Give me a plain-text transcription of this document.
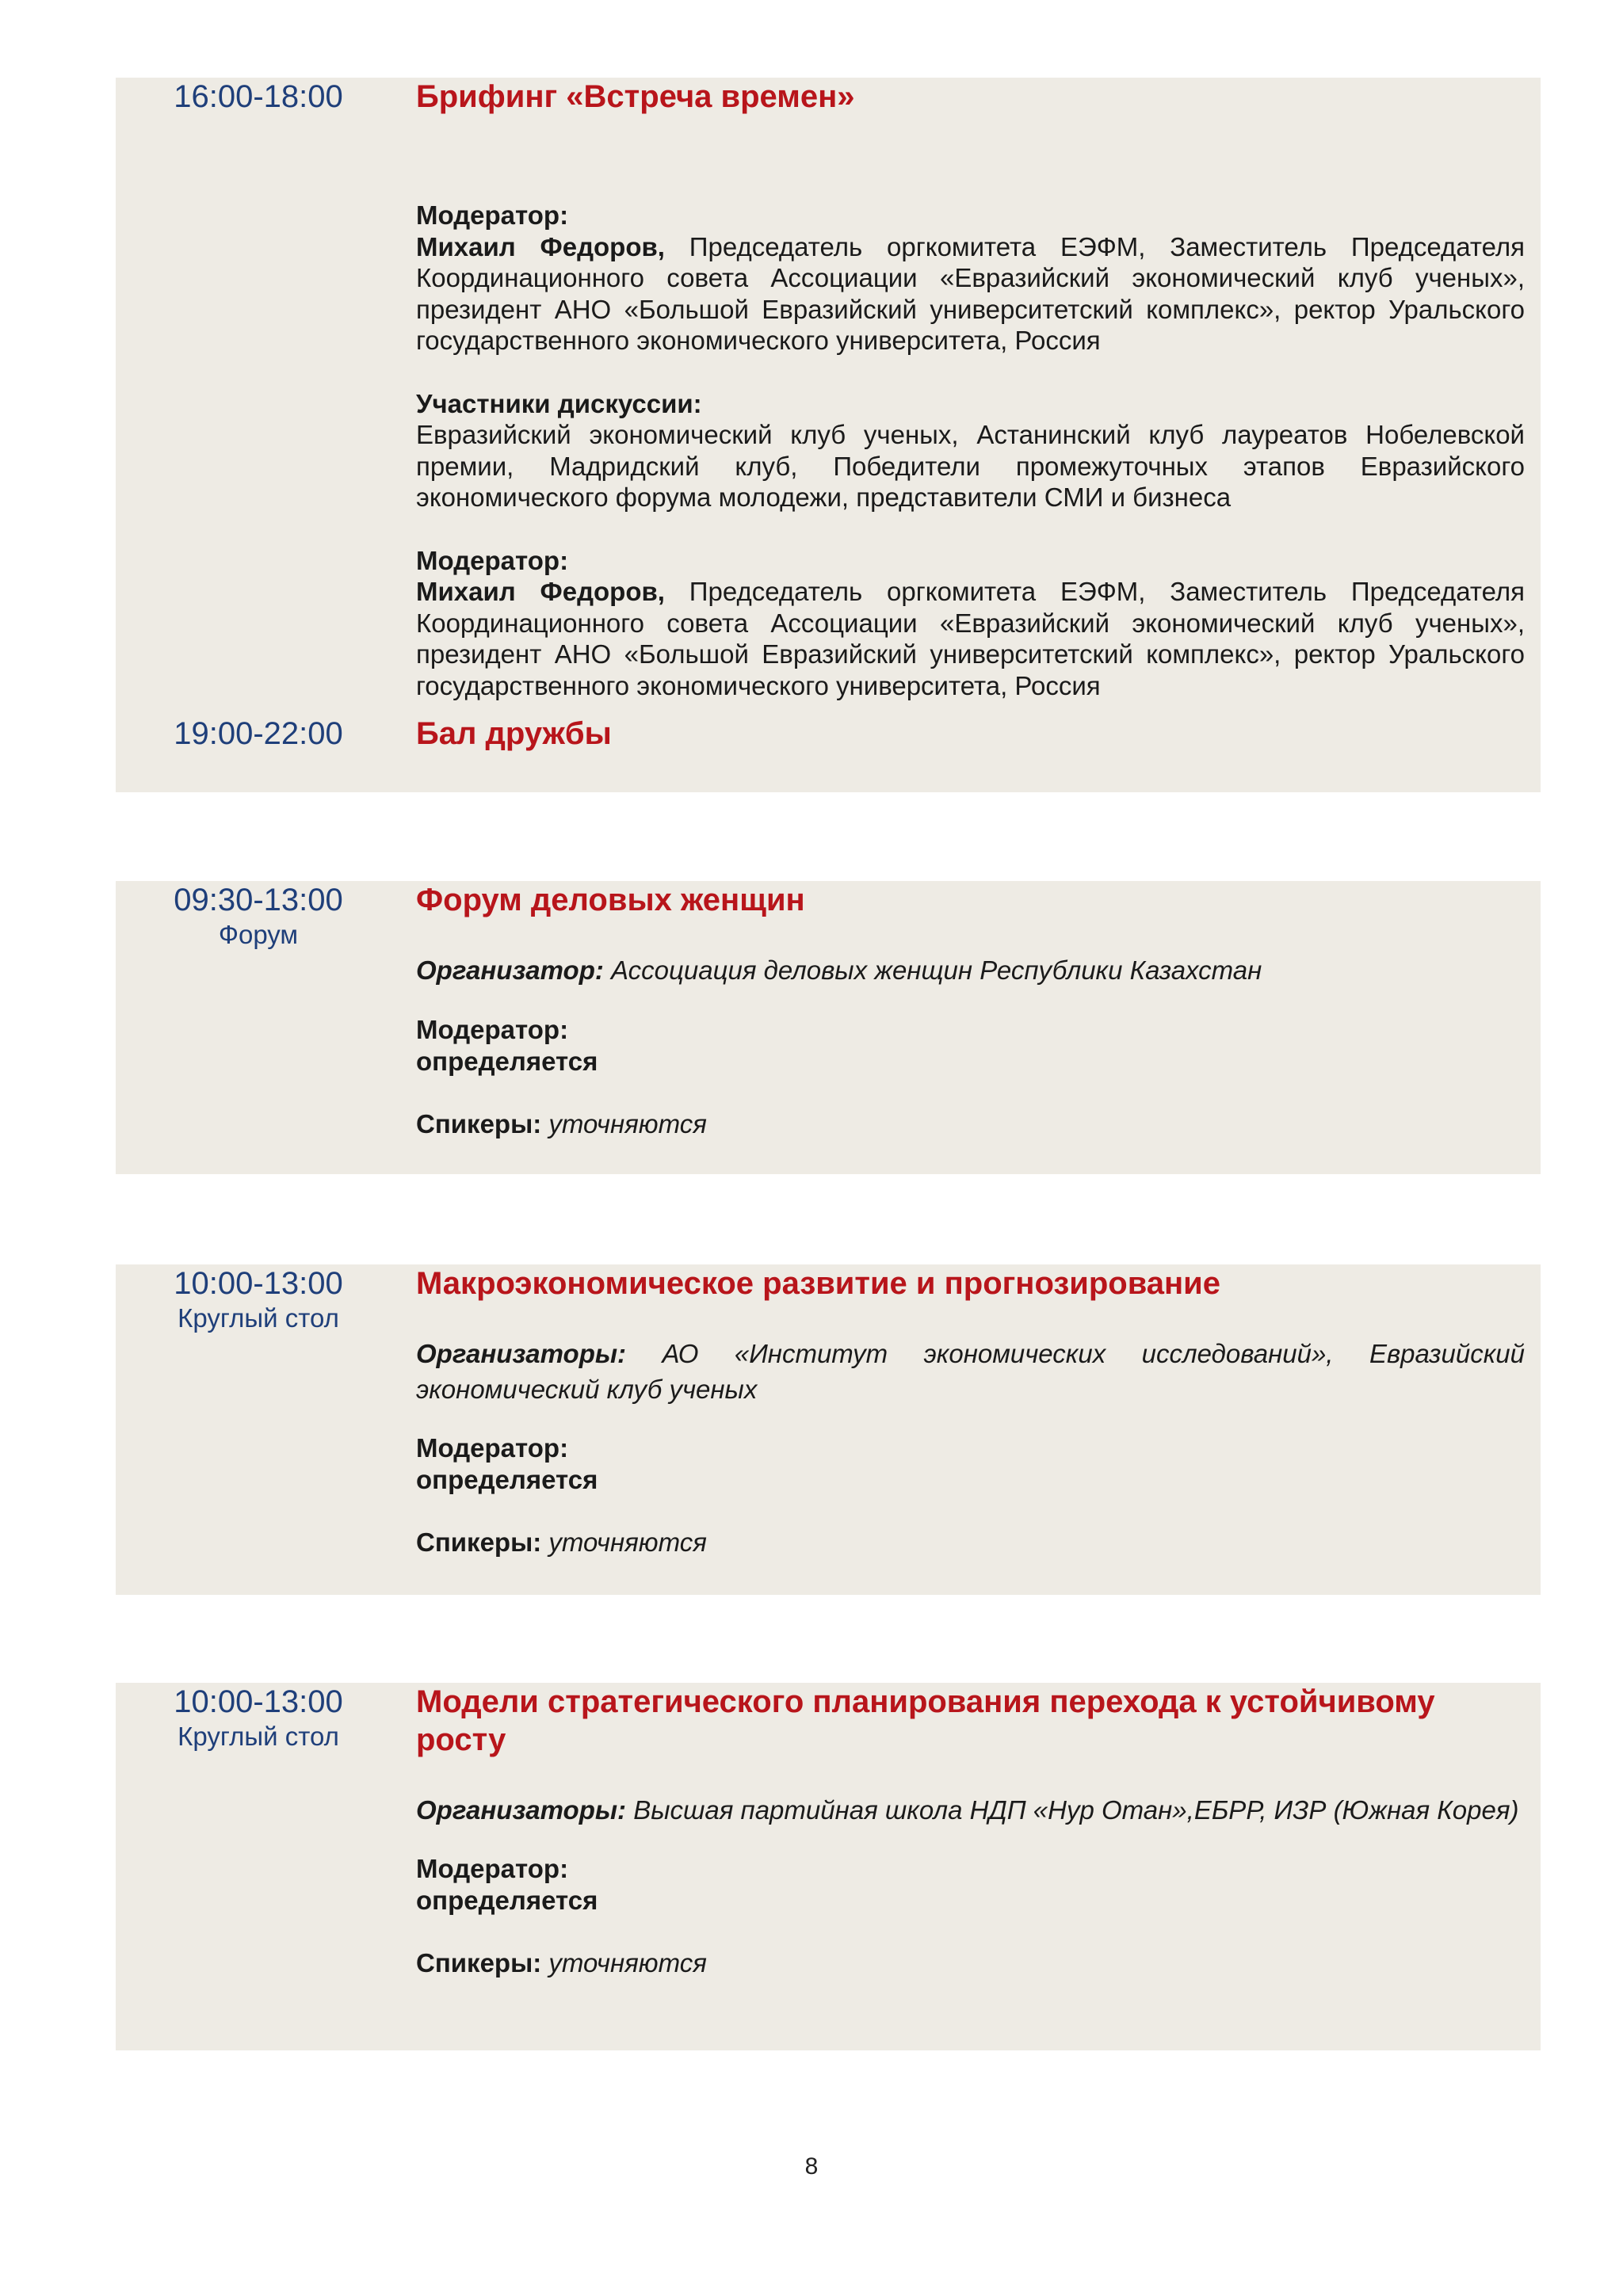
16:00-18:00	Брифинг «Встреча времен»

Модератор:

Михаил Федоров, Председатель оргкомитета ЕЭФМ, Заместитель Председателя Координационного совета Ассоциации «Евразийский экономический клуб ученых», президент АНО «Большой Евразийский университетский комплекс», ректор Уральского государственного экономического университета, Россия

Участники дискуссии:

Евразийский экономический клуб ученых, Астанинский клуб лауреатов Нобелевской премии, Мадридский клуб, Победители промежуточных этапов Евразийского экономического форума молодежи, представители СМИ и бизнеса

Модератор:

Михаил Федоров, Председатель оргкомитета ЕЭФМ, Заместитель Председателя Координационного совета Ассоциации «Евразийский экономический клуб ученых», президент АНО «Большой Евразийский университетский комплекс», ректор Уральского государственного экономического университета, Россия

19:00-22:00	Бал дружбы

09:30-13:00
Форум

Форум деловых женщин

Организатор: Ассоциация деловых женщин Республики Казахстан

Модератор:

определяется

Спикеры: уточняются

10:00-13:00
Круглый стол

Макроэкономическое развитие и прогнозирование

Организаторы: АО «Институт экономических исследований», Евразийский экономический клуб ученых

Модератор:

определяется

Спикеры: уточняются

10:00-13:00
Круглый стол

Модели стратегического планирования перехода к устойчивому росту

Организаторы: Высшая партийная школа НДП «Нур Отан»,ЕБРР, ИЗР (Южная Корея)

Модератор:

определяется

Спикеры: уточняются

8
